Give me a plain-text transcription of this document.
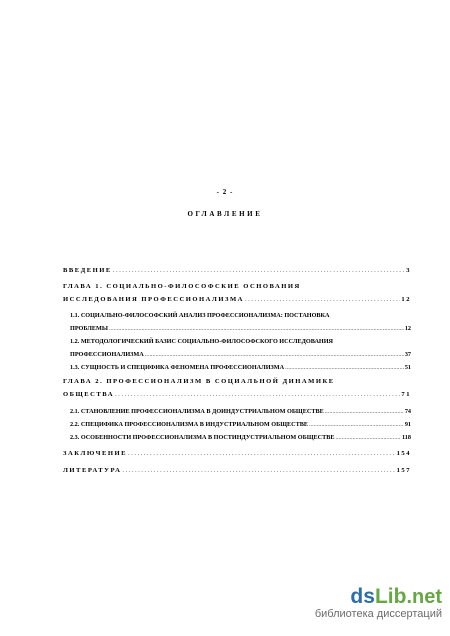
- 2 -
ОГЛАВЛЕНИЕ
ВВЕДЕНИЕ .....	3
ГЛАВА 1. СОЦИАЛЬНО-ФИЛОСОФСКИЕ ОСНОВАНИЯ
ИССЛЕДОВАНИЯ ПРОФЕССИОНАЛИЗМА .....	12
1.1. СОЦИАЛЬНО-ФИЛОСОФСКИЙ АНАЛИЗ ПРОФЕССИОНАЛИЗМА: ПОСТАНОВКА
ПРОБЛЕМЫ .....	12
1.2. МЕТОДОЛОГИЧЕСКИЙ БАЗИС СОЦИАЛЬНО-ФИЛОСОФСКОГО ИССЛЕДОВАНИЯ
ПРОФЕССИОНАЛИЗМА .....	37
1.3. СУЩНОСТЬ И СПЕЦИФИКА ФЕНОМЕНА ПРОФЕССИОНАЛИЗМА .....	51
ГЛАВА 2. ПРОФЕССИОНАЛИЗМ В СОЦИАЛЬНОЙ ДИНАМИКЕ
ОБЩЕСТВА .....	71
2.1. СТАНОВЛЕНИЕ ПРОФЕССИОНАЛИЗМА В ДОИНДУСТРИАЛЬНОМ ОБЩЕСТВЕ .....	74
2.2. СПЕЦИФИКА ПРОФЕССИОНАЛИЗМА В ИНДУСТРИАЛЬНОМ ОБЩЕСТВЕ .....	91
2.3. ОСОБЕННОСТИ ПРОФЕССИОНАЛИЗМА В ПОСТИНДУСТРИАЛЬНОМ ОБЩЕСТВЕ .....	118
ЗАКЛЮЧЕНИЕ .....	154
ЛИТЕРАТУРА .....	157
dsLib.net
библиотека диссертаций
